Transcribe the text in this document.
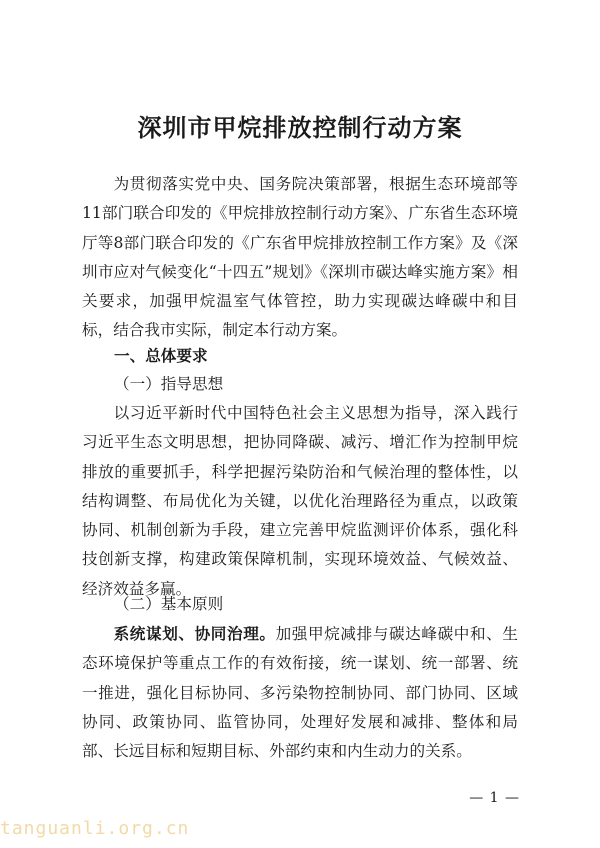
深圳市甲烷排放控制行动方案

为贯彻落实党中央、国务院决策部署，根据生态环境部等11部门联合印发的《甲烷排放控制行动方案》、广东省生态环境厅等8部门联合印发的《广东省甲烷排放控制工作方案》及《深圳市应对气候变化“十四五”规划》《深圳市碳达峰实施方案》相关要求，加强甲烷温室气体管控，助力实现碳达峰碳中和目标，结合我市实际，制定本行动方案。

一、总体要求

（一）指导思想

以习近平新时代中国特色社会主义思想为指导，深入践行习近平生态文明思想，把协同降碳、减污、增汇作为控制甲烷排放的重要抓手，科学把握污染防治和气候治理的整体性，以结构调整、布局优化为关键，以优化治理路径为重点，以政策协同、机制创新为手段，建立完善甲烷监测评价体系，强化科技创新支撑，构建政策保障机制，实现环境效益、气候效益、经济效益多赢。

（二）基本原则

系统谋划、协同治理。加强甲烷减排与碳达峰碳中和、生态环境保护等重点工作的有效衔接，统一谋划、统一部署、统一推进，强化目标协同、多污染物控制协同、部门协同、区域协同、政策协同、监管协同，处理好发展和减排、整体和局部、长远目标和短期目标、外部约束和内生动力的关系。

— 1 —
tanguanli.org.cn
